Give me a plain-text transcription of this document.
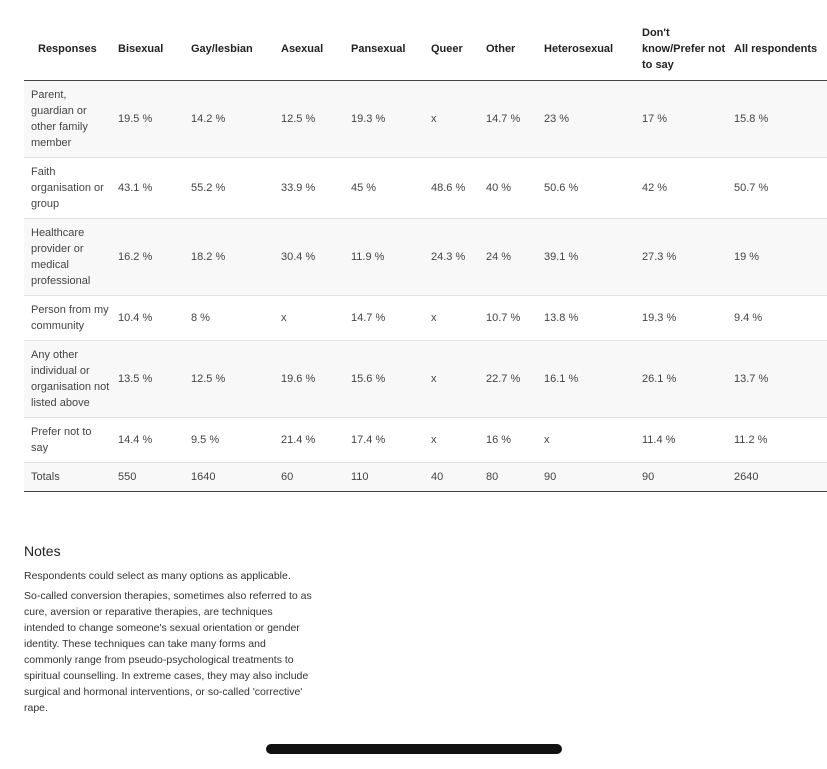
Responses	Bisexual	Gay/lesbian	Asexual	Pansexual	Queer	Other	Heterosexual	Don't know/Prefer not to say	All respondents
Parent, guardian or other family member	19.5 %	14.2 %	12.5 %	19.3 %	x	14.7 %	23 %	17 %	15.8 %
Faith organisation or group	43.1 %	55.2 %	33.9 %	45 %	48.6 %	40 %	50.6 %	42 %	50.7 %
Healthcare provider or medical professional	16.2 %	18.2 %	30.4 %	11.9 %	24.3 %	24 %	39.1 %	27.3 %	19 %
Person from my community	10.4 %	8 %	x	14.7 %	x	10.7 %	13.8 %	19.3 %	9.4 %
Any other individual or organisation not listed above	13.5 %	12.5 %	19.6 %	15.6 %	x	22.7 %	16.1 %	26.1 %	13.7 %
Prefer not to say	14.4 %	9.5 %	21.4 %	17.4 %	x	16 %	x	11.4 %	11.2 %
Totals	550	1640	60	110	40	80	90	90	2640
Notes

Respondents could select as many options as applicable.

So-called conversion therapies, sometimes also referred to as cure, aversion or reparative therapies, are techniques intended to change someone's sexual orientation or gender identity. These techniques can take many forms and commonly range from pseudo-psychological treatments to spiritual counselling. In extreme cases, they may also include surgical and hormonal interventions, or so-called 'corrective' rape.
